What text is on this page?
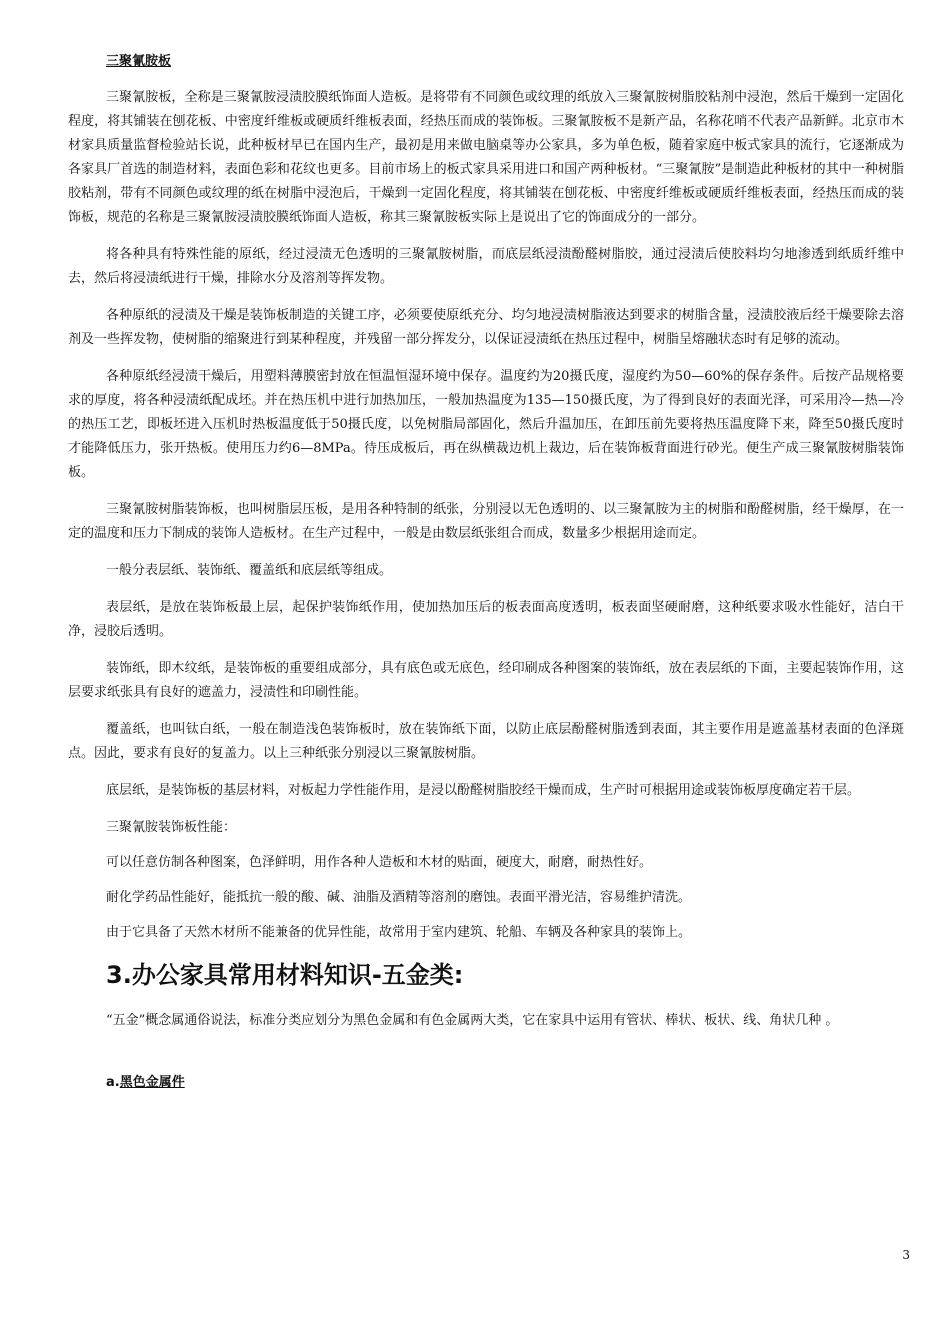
三聚氰胺板

三聚氰胺板，全称是三聚氰胺浸渍胶膜纸饰面人造板。是将带有不同颜色或纹理的纸放入三聚氰胺树脂胶粘剂中浸泡，然后干燥到一定固化程度，将其铺装在刨花板、中密度纤维板或硬质纤维板表面，经热压而成的装饰板。三聚氰胺板不是新产品，名称花哨不代表产品新鲜。北京市木材家具质量监督检验站长说，此种板材早已在国内生产，最初是用来做电脑桌等办公家具，多为单色板，随着家庭中板式家具的流行，它逐渐成为各家具厂首选的制造材料，表面色彩和花纹也更多。目前市场上的板式家具采用进口和国产两种板材。“三聚氰胺”是制造此种板材的其中一种树脂胶粘剂，带有不同颜色或纹理的纸在树脂中浸泡后，干燥到一定固化程度，将其铺装在刨花板、中密度纤维板或硬质纤维板表面，经热压而成的装饰板，规范的名称是三聚氰胺浸渍胶膜纸饰面人造板，称其三聚氰胺板实际上是说出了它的饰面成分的一部分。

将各种具有特殊性能的原纸，经过浸渍无色透明的三聚氰胺树脂，而底层纸浸渍酚醛树脂胶，通过浸渍后使胶料均匀地渗透到纸质纤维中去，然后将浸渍纸进行干燥，排除水分及溶剂等挥发物。

各种原纸的浸渍及干燥是装饰板制造的关键工序，必须要使原纸充分、均匀地浸渍树脂液达到要求的树脂含量，浸渍胶液后经干燥要除去溶剂及一些挥发物，使树脂的缩聚进行到某种程度，并残留一部分挥发分，以保证浸渍纸在热压过程中，树脂呈熔融状态时有足够的流动。

各种原纸经浸渍干燥后，用塑料薄膜密封放在恒温恒湿环境中保存。温度约为20摄氏度，湿度约为50—60%的保存条件。后按产品规格要求的厚度，将各种浸渍纸配成坯。并在热压机中进行加热加压，一般加热温度为135—150摄氏度，为了得到良好的表面光泽，可采用冷—热—冷的热压工艺，即板坯进入压机时热板温度低于50摄氏度，以免树脂局部固化，然后升温加压，在卸压前先要将热压温度降下来，降至50摄氏度时才能降低压力，张开热板。使用压力约6—8MPa。待压成板后，再在纵横裁边机上裁边，后在装饰板背面进行砂光。便生产成三聚氰胺树脂装饰板。

三聚氰胺树脂装饰板，也叫树脂层压板，是用各种特制的纸张，分别浸以无色透明的、以三聚氰胺为主的树脂和酚醛树脂，经干燥厚，在一定的温度和压力下制成的装饰人造板材。在生产过程中，一般是由数层纸张组合而成，数量多少根据用途而定。

一般分表层纸、装饰纸、覆盖纸和底层纸等组成。

表层纸，是放在装饰板最上层，起保护装饰纸作用，使加热加压后的板表面高度透明，板表面坚硬耐磨，这种纸要求吸水性能好，洁白干净，浸胶后透明。

装饰纸，即木纹纸，是装饰板的重要组成部分，具有底色或无底色，经印刷成各种图案的装饰纸，放在表层纸的下面，主要起装饰作用，这层要求纸张具有良好的遮盖力，浸渍性和印刷性能。

覆盖纸，也叫钛白纸，一般在制造浅色装饰板时，放在装饰纸下面，以防止底层酚醛树脂透到表面，其主要作用是遮盖基材表面的色泽斑点。因此，要求有良好的复盖力。以上三种纸张分别浸以三聚氰胺树脂。

底层纸，是装饰板的基层材料，对板起力学性能作用，是浸以酚醛树脂胶经干燥而成，生产时可根据用途或装饰板厚度确定若干层。

三聚氰胺装饰板性能：

可以任意仿制各种图案，色泽鲜明，用作各种人造板和木材的贴面，硬度大，耐磨，耐热性好。

耐化学药品性能好，能抵抗一般的酸、碱、油脂及酒精等溶剂的磨蚀。表面平滑光洁，容易维护清洗。

由于它具备了天然木材所不能兼备的优异性能，故常用于室内建筑、轮船、车辆及各种家具的装饰上。

3.办公家具常用材料知识-五金类:

“五金”概念属通俗说法，标准分类应划分为黑色金属和有色金属两大类，它在家具中运用有管状、棒状、板状、线、角状几种 。

a.黑色金属件
3
